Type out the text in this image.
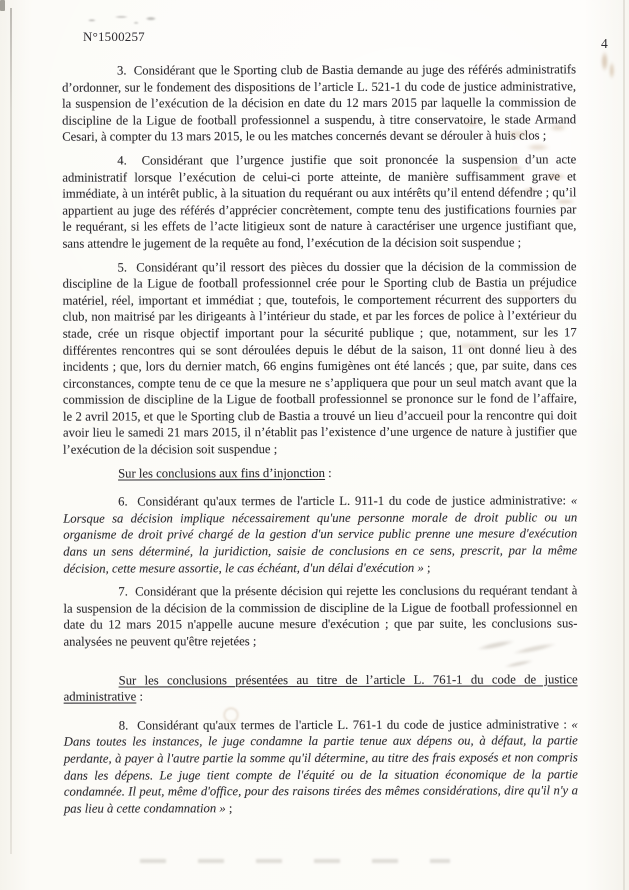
N°1500257	4
3.  Considérant que le Sporting club de Bastia demande au juge des référés administratifs d’ordonner, sur le fondement des dispositions de l’article L. 521-1 du code de justice administrative, la suspension de l’exécution de la décision en date du 12 mars 2015 par laquelle la commission de discipline de la Ligue de football professionnel a suspendu, à titre conservatoire, le stade Armand Cesari, à compter du 13 mars 2015, le ou les matches concernés devant se dérouler à huis clos ;
4.  Considérant que l’urgence justifie que soit prononcée la suspension d’un acte administratif lorsque l’exécution de celui-ci porte atteinte, de manière suffisamment grave et immédiate, à un intérêt public, à la situation du requérant ou aux intérêts qu’il entend défendre ; qu’il appartient au juge des référés d’apprécier concrètement, compte tenu des justifications fournies par le requérant, si les effets de l’acte litigieux sont de nature à caractériser une urgence justifiant que, sans attendre le jugement de la requête au fond, l’exécution de la décision soit suspendue ;
5.  Considérant qu’il ressort des pièces du dossier que la décision de la commission de discipline de la Ligue de football professionnel crée pour le Sporting club de Bastia un préjudice matériel, réel, important et immédiat ; que, toutefois, le comportement récurrent des supporters du club, non maitrisé par les dirigeants à l’intérieur du stade, et par les forces de police à l’extérieur du stade, crée un risque objectif important pour la sécurité publique ; que, notamment, sur les 17 différentes rencontres qui se sont déroulées depuis le début de la saison, 11 ont donné lieu à des incidents ; que, lors du dernier match, 66 engins fumigènes ont été lancés ; que, par suite, dans ces circonstances, compte tenu de ce que la mesure ne s’appliquera que pour un seul match avant que la commission de discipline de la Ligue de football professionnel se prononce sur le fond de l’affaire, le 2 avril 2015, et que le Sporting club de Bastia a trouvé un lieu d’accueil pour la rencontre qui doit avoir lieu le samedi 21 mars 2015, il n’établit pas l’existence d’une urgence de nature à justifier que l’exécution de la décision soit suspendue ;
Sur les conclusions aux fins d’injonction :
6.  Considérant qu'aux termes de l'article L. 911-1 du code de justice administrative: « Lorsque sa décision implique nécessairement qu'une personne morale de droit public ou un organisme de droit privé chargé de la gestion d'un service public prenne une mesure d'exécution dans un sens déterminé, la juridiction, saisie de conclusions en ce sens, prescrit, par la même décision, cette mesure assortie, le cas échéant, d'un délai d'exécution » ;
7.  Considérant que la présente décision qui rejette les conclusions du requérant tendant à la suspension de la décision de la commission de discipline de la Ligue de football professionnel en date du 12 mars 2015 n'appelle aucune mesure d'exécution ; que par suite, les conclusions sus-analysées ne peuvent qu'être rejetées ;
Sur les conclusions présentées au titre de l’article L. 761-1 du code de justice
administrative :
8.  Considérant qu'aux termes de l'article L. 761-1 du code de justice administrative : « Dans toutes les instances, le juge condamne la partie tenue aux dépens ou, à défaut, la partie perdante, à payer à l'autre partie la somme qu'il détermine, au titre des frais exposés et non compris dans les dépens. Le juge tient compte de l'équité ou de la situation économique de la partie condamnée. Il peut, même d'office, pour des raisons tirées des mêmes considérations, dire qu'il n'y a pas lieu à cette condamnation » ;
